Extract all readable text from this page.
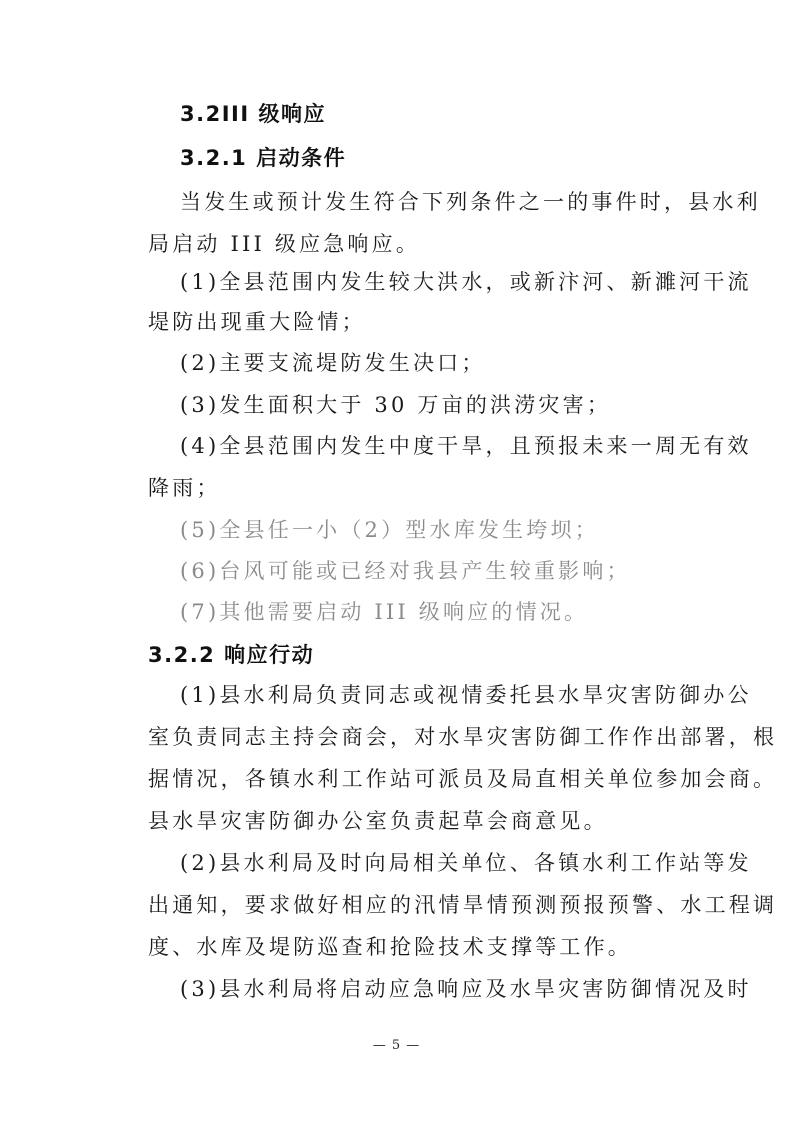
3.2III 级响应
3.2.1 启动条件
当发生或预计发生符合下列条件之一的事件时，县水利
局启动 III 级应急响应。
(1)全县范围内发生较大洪水，或新汴河、新濉河干流
堤防出现重大险情；
(2)主要支流堤防发生决口；
(3)发生面积大于 30 万亩的洪涝灾害；
(4)全县范围内发生中度干旱，且预报未来一周无有效
降雨；
(5)全县任一小（2）型水库发生垮坝；
(6)台风可能或已经对我县产生较重影响；
(7)其他需要启动 III 级响应的情况。
3.2.2 响应行动
(1)县水利局负责同志或视情委托县水旱灾害防御办公
室负责同志主持会商会，对水旱灾害防御工作作出部署，根
据情况，各镇水利工作站可派员及局直相关单位参加会商。
县水旱灾害防御办公室负责起草会商意见。
(2)县水利局及时向局相关单位、各镇水利工作站等发
出通知，要求做好相应的汛情旱情预测预报预警、水工程调
度、水库及堤防巡查和抢险技术支撑等工作。
(3)县水利局将启动应急响应及水旱灾害防御情况及时
— 5 —
